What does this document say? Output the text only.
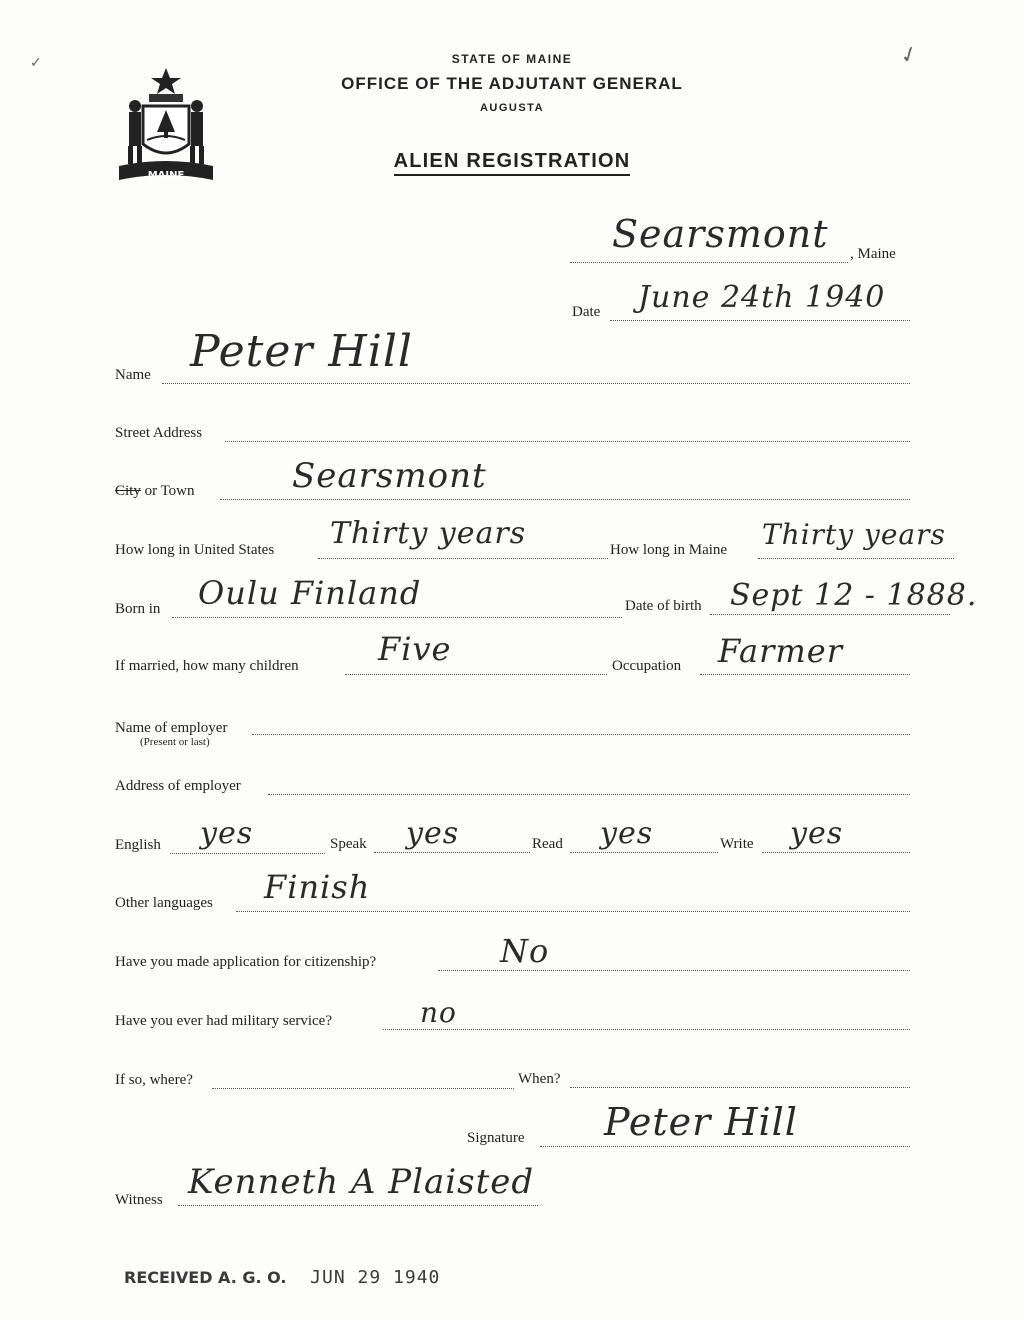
✓	✓
MAINE
STATE OF MAINE
OFFICE OF THE ADJUTANT GENERAL
AUGUSTA
ALIEN REGISTRATION
Searsmont , Maine
Date June 24th 1940
Name Peter Hill
Street Address
City or Town	Searsmont
How long in United States Thirty years	How long in Maine Thirty years
Born in Oulu Finland	Date of birth Sept 12 - 1888.
If married, how many children Five	Occupation Farmer
Name of employer
(Present or last)
Address of employer
English yes	Speak yes	Read yes	Write yes
Other languages Finish
Have you made application for citizenship?	No
Have you ever had military service?	no
If so, where?	When?
Signature Peter Hill
Witness Kenneth A Plaisted
RECEIVED A. G. O. JUN 29 1940
